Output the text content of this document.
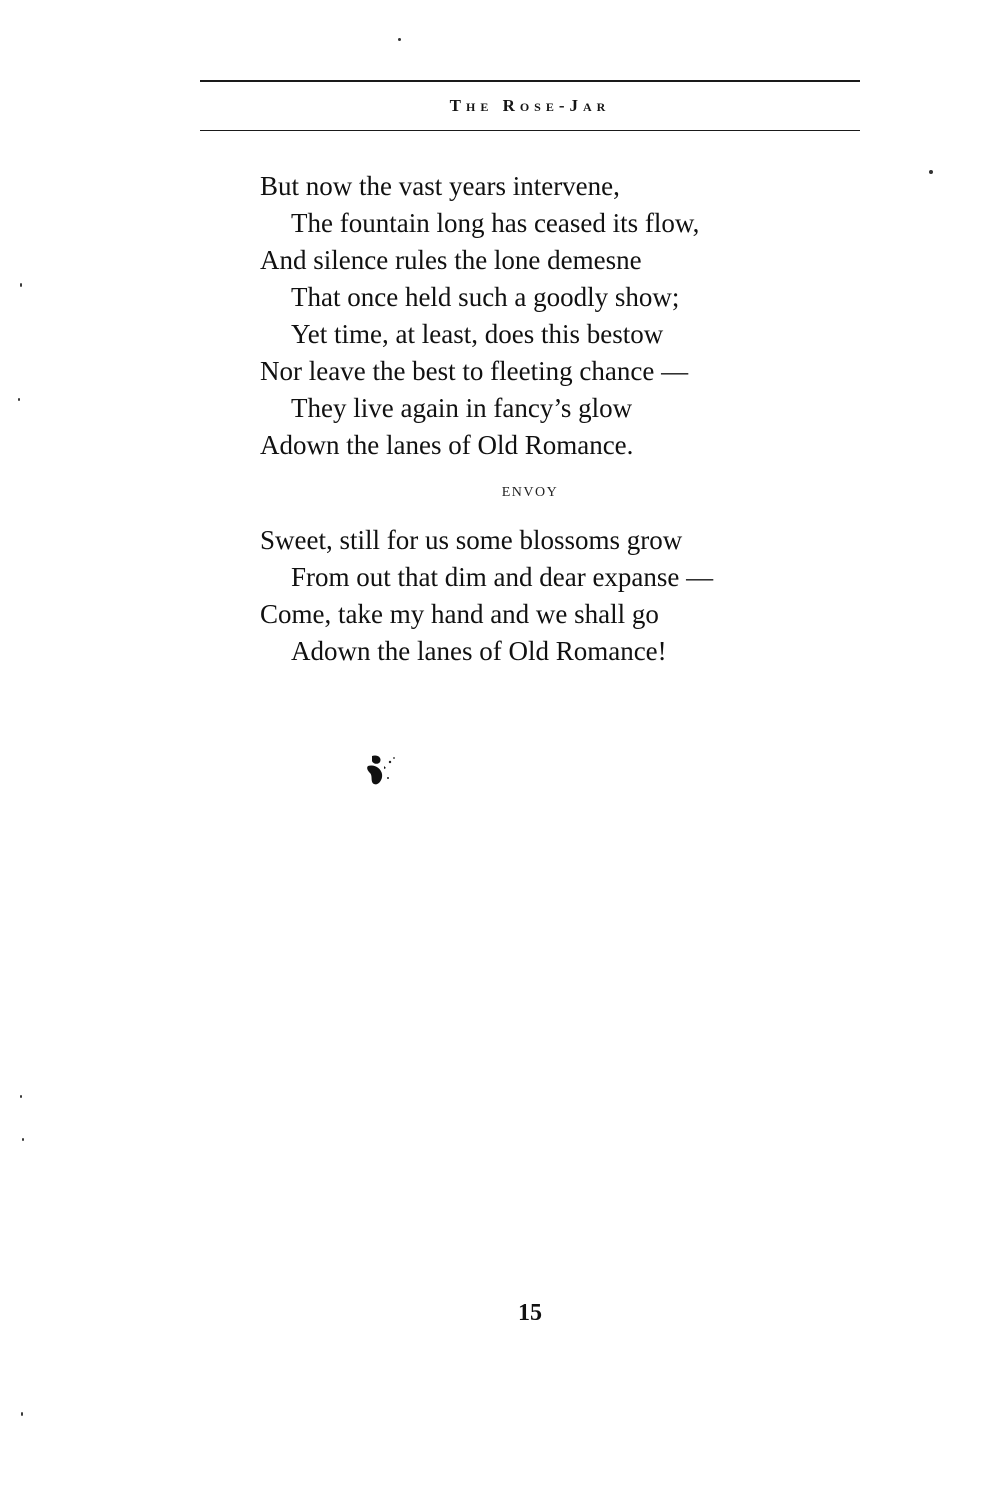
The Rose-Jar
But now the vast years intervene,
The fountain long has ceased its flow,
And silence rules the lone demesne
That once held such a goodly show;
Yet time, at least, does this bestow
Nor leave the best to fleeting chance —
They live again in fancy’s glow
Adown the lanes of Old Romance.
ENVOY
Sweet, still for us some blossoms grow
From out that dim and dear expanse —
Come, take my hand and we shall go
Adown the lanes of Old Romance!
15
